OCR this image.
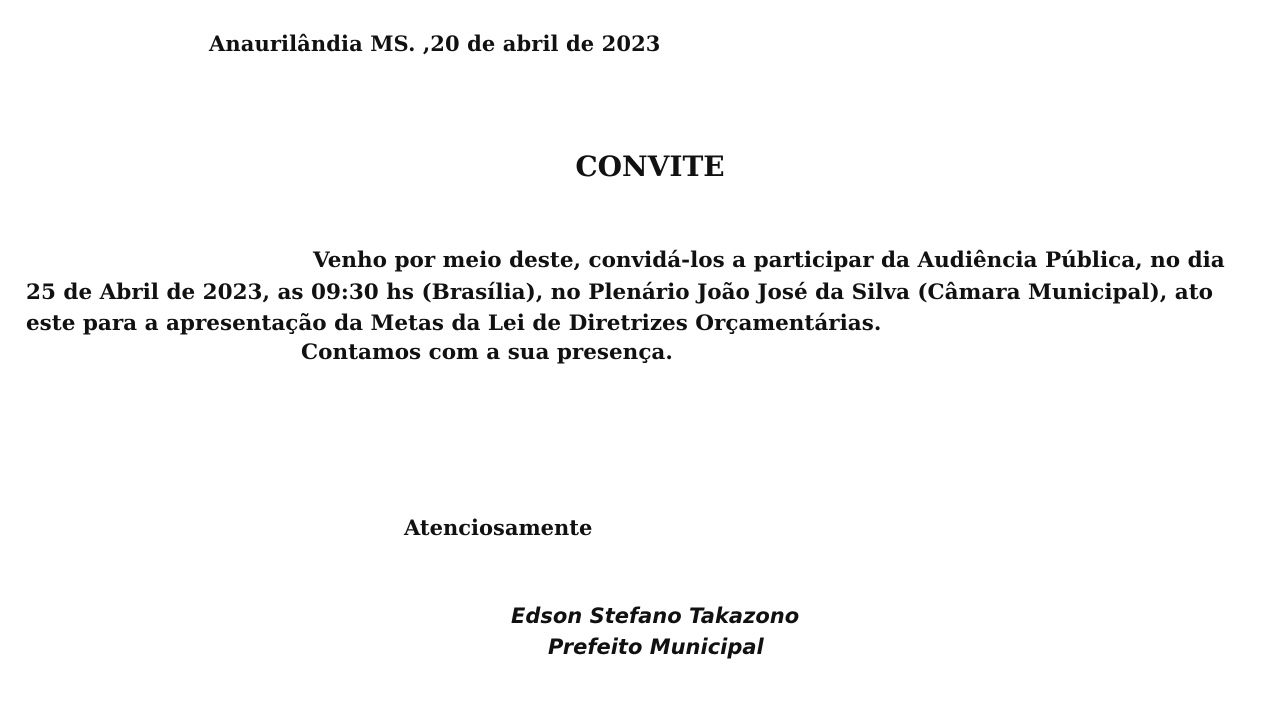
Anaurilândia MS. ,20 de abril de 2023

CONVITE

Venho por meio deste, convidá-los a participar da Audiência Pública, no dia

25 de Abril de 2023, as 09:30 hs (Brasília), no Plenário João José da Silva (Câmara Municipal), ato

este para a apresentação da Metas da Lei de Diretrizes Orçamentárias.

Contamos com a sua presença.

Atenciosamente

Edson Stefano Takazono

Prefeito Municipal
